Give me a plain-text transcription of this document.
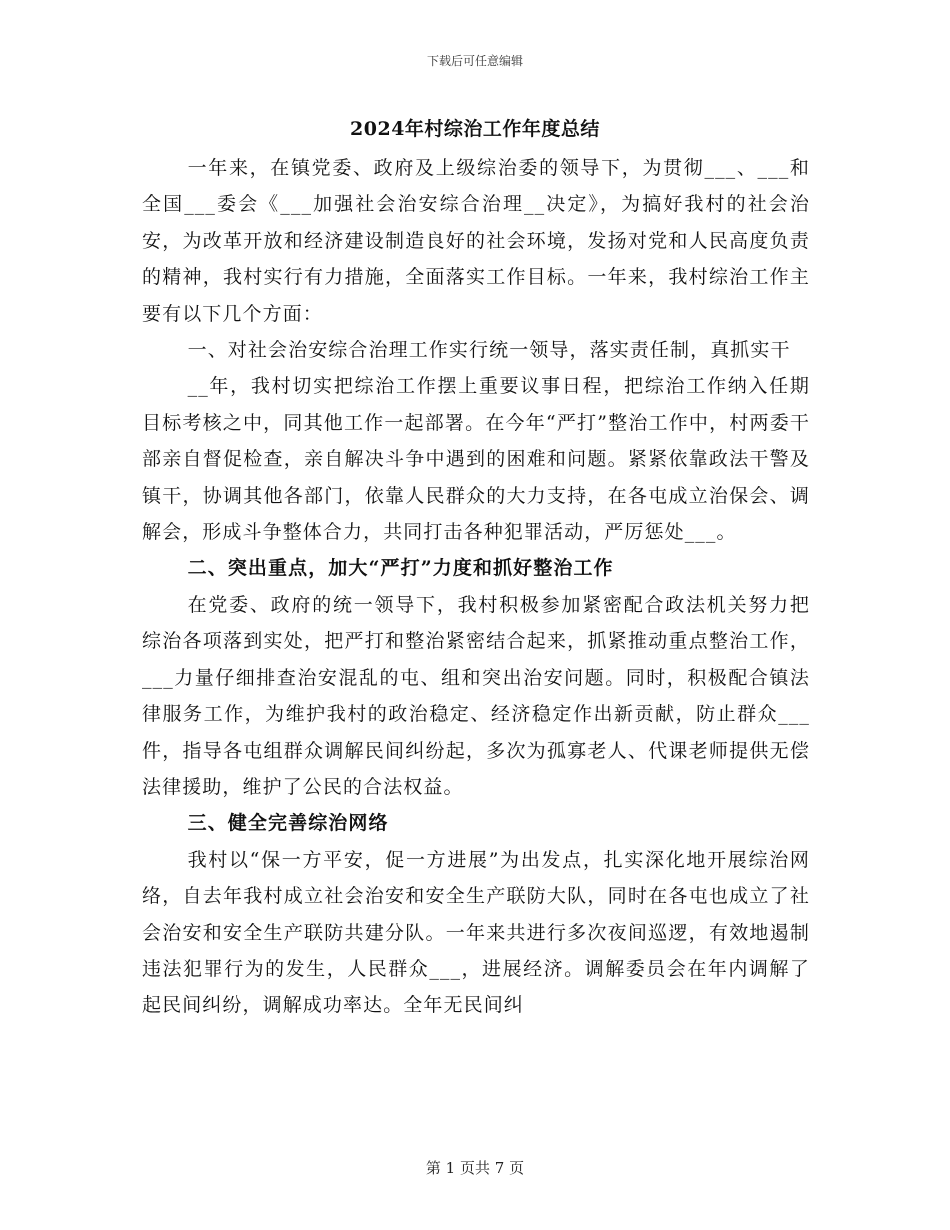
下载后可任意编辑
2024年村综治工作年度总结

一年来，在镇党委、政府及上级综治委的领导下，为贯彻___、___和全国___委会《___加强社会治安综合治理__决定》，为搞好我村的社会治安，为改革开放和经济建设制造良好的社会环境，发扬对党和人民高度负责的精神，我村实行有力措施，全面落实工作目标。一年来，我村综治工作主要有以下几个方面：

一、对社会治安综合治理工作实行统一领导，落实责任制，真抓实干

__年，我村切实把综治工作摆上重要议事日程，把综治工作纳入任期目标考核之中，同其他工作一起部署。在今年“严打”整治工作中，村两委干部亲自督促检查，亲自解决斗争中遇到的困难和问题。紧紧依靠政法干警及镇干，协调其他各部门，依靠人民群众的大力支持，在各屯成立治保会、调解会，形成斗争整体合力，共同打击各种犯罪活动，严厉惩处___。

二、突出重点，加大“严打”力度和抓好整治工作

在党委、政府的统一领导下，我村积极参加紧密配合政法机关努力把综治各项落到实处，把严打和整治紧密结合起来，抓紧推动重点整治工作，___力量仔细排查治安混乱的屯、组和突出治安问题。同时，积极配合镇法律服务工作，为维护我村的政治稳定、经济稳定作出新贡献，防止群众___件，指导各屯组群众调解民间纠纷起，多次为孤寡老人、代课老师提供无偿法律援助，维护了公民的合法权益。

三、健全完善综治网络

我村以“保一方平安，促一方进展”为出发点，扎实深化地开展综治网络，自去年我村成立社会治安和安全生产联防大队，同时在各屯也成立了社会治安和安全生产联防共建分队。一年来共进行多次夜间巡逻，有效地遏制违法犯罪行为的发生，人民群众___，进展经济。调解委员会在年内调解了起民间纠纷，调解成功率达。全年无民间纠

第 1 页共 7 页
